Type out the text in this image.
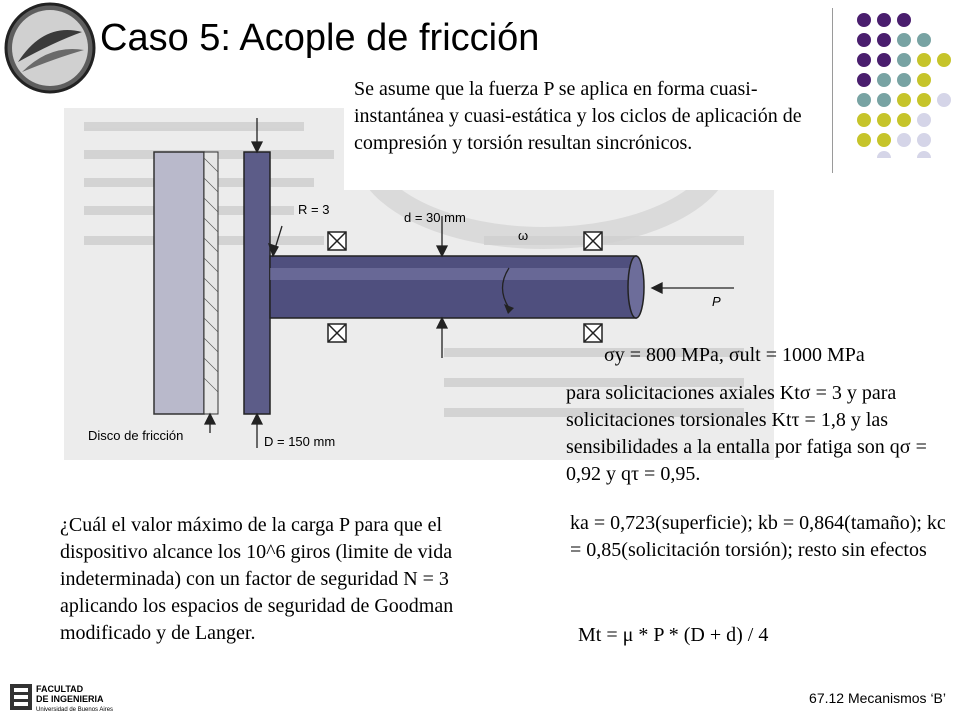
Caso 5: Acople de fricción
R = 3
d = 30 mm
ω
P
Disco de fricción	D = 150 mm
Se asume que la fuerza P se aplica en forma cuasi-instantánea y cuasi-estática y los ciclos de aplicación de compresión y torsión resultan sincrónicos.
σy = 800 MPa, σult = 1000 MPa
para solicitaciones axiales Ktσ = 3 y para solicitaciones torsionales Ktτ = 1,8 y las sensibilidades a la entalla por fatiga son qσ = 0,92 y qτ = 0,95.
ka = 0,723(superficie); kb = 0,864(tamaño); kc = 0,85(solicitación torsión); resto sin efectos
Mt = μ * P * (D + d) / 4
¿Cuál el valor máximo de la carga P para que el dispositivo alcance los 10^6 giros (limite de vida indeterminada) con un factor de seguridad N = 3 aplicando los espacios de seguridad de Goodman modificado y de Langer.
FACULTAD
DE INGENIERIA
Universidad de Buenos Aires
67.12 Mecanismos ‘B’
